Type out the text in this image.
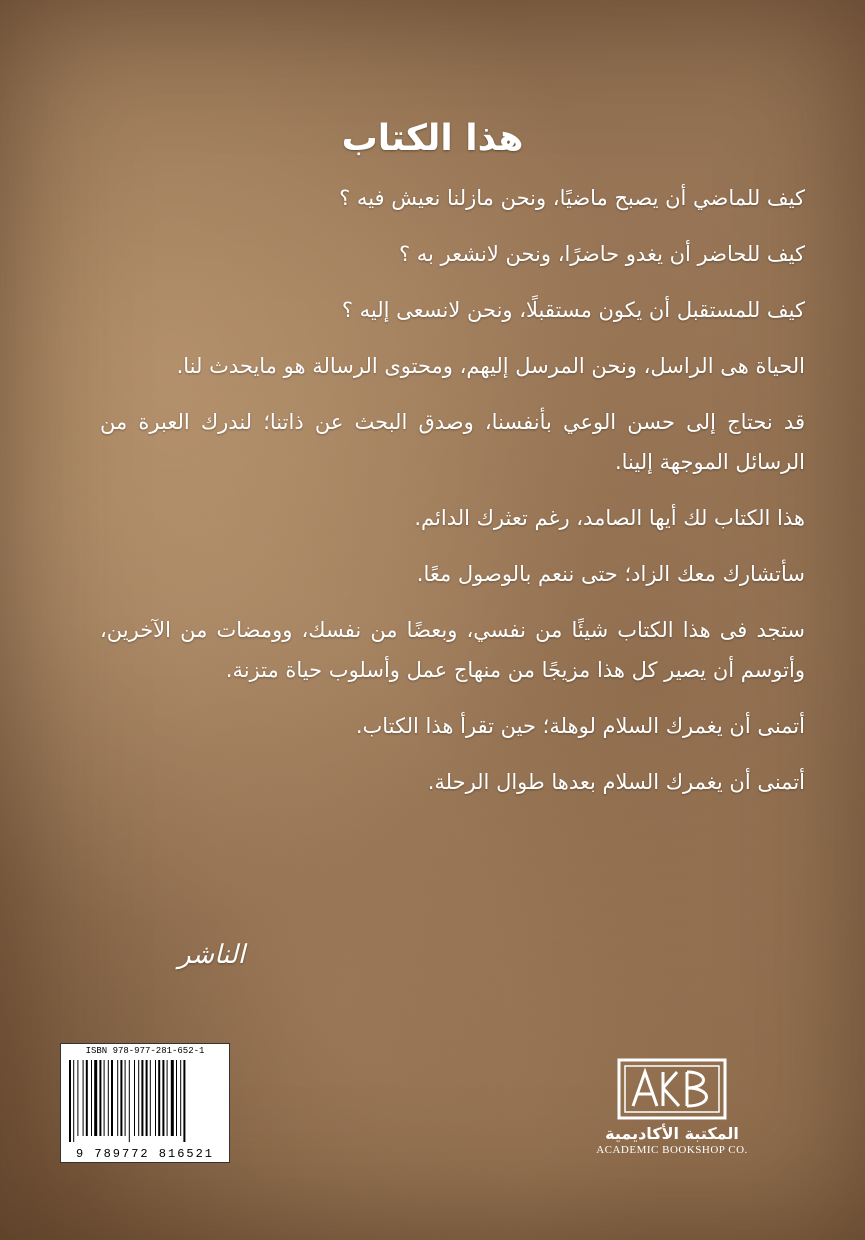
هذا الكتاب

كيف للماضي أن يصبح ماضيًا، ونحن مازلنا نعيش فيه ؟

كيف للحاضر أن يغدو حاضرًا، ونحن لانشعر به ؟

كيف للمستقبل أن يكون مستقبلًا، ونحن لانسعى إليه ؟

الحياة هى الراسل، ونحن المرسل إليهم، ومحتوى الرسالة هو مايحدث لنا.

قد نحتاج إلى حسن الوعي بأنفسنا، وصدق البحث عن ذاتنا؛ لندرك العبرة من الرسائل الموجهة إلينا.

هذا الكتاب لك أيها الصامد، رغم تعثرك الدائم.

سأتشارك معك الزاد؛ حتى ننعم بالوصول معًا.

ستجد فى هذا الكتاب شيئًا من نفسي، وبعضًا من نفسك، وومضات من الآخرين، وأتوسم أن يصير كل هذا مزيجًا من منهاج عمل وأسلوب حياة متزنة.

أتمنى أن يغمرك السلام لوهلة؛ حين تقرأ هذا الكتاب.

أتمنى أن يغمرك السلام بعدها طوال الرحلة.

الناشر
ISBN 978-977-281-652-1
9 789772 816521
المكتبة الأكاديمية
ACADEMIC BOOKSHOP CO.
